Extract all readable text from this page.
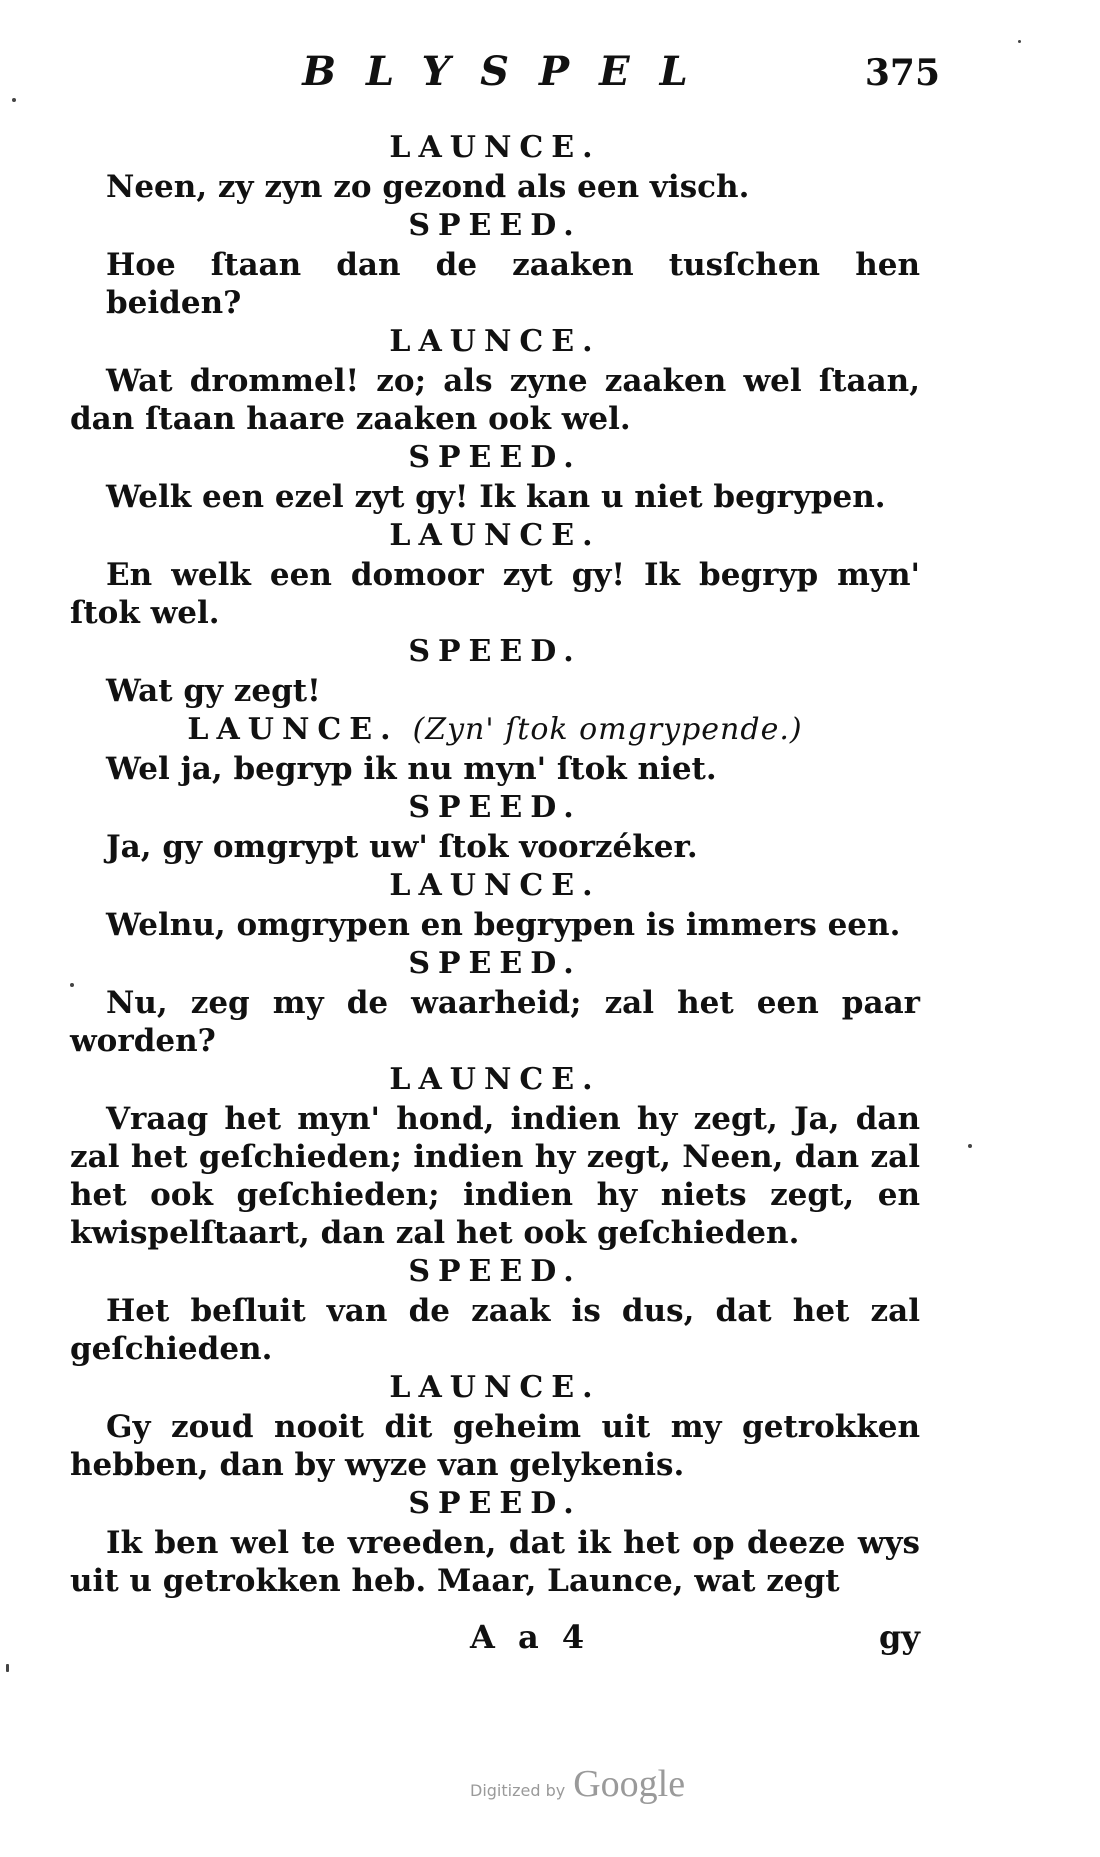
BLYSPEL	375
LAUNCE.

Neen, zy zyn zo gezond als een visch.

SPEED.

Hoe ſtaan dan de zaaken tusſchen hen beiden?

LAUNCE.

Wat drommel! zo; als zyne zaaken wel ſtaan, dan ſtaan haare zaaken ook wel.

SPEED.

Welk een ezel zyt gy! Ik kan u niet begrypen.

LAUNCE.

En welk een domoor zyt gy! Ik begryp myn' ſtok wel.

SPEED.

Wat gy zegt!

LAUNCE. (Zyn' ſtok omgrypende.)

Wel ja, begryp ik nu myn' ſtok niet.

SPEED.

Ja, gy omgrypt uw' ſtok voorzéker.

LAUNCE.

Welnu, omgrypen en begrypen is immers een.

SPEED.

Nu, zeg my de waarheid; zal het een paar worden?

LAUNCE.

Vraag het myn' hond, indien hy zegt, Ja, dan zal het geſchieden; indien hy zegt, Neen, dan zal het ook geſchieden; indien hy niets zegt, en kwispelſtaart, dan zal het ook geſchieden.

SPEED.

Het beſluit van de zaak is dus, dat het zal geſchieden.

LAUNCE.

Gy zoud nooit dit geheim uit my getrokken hebben, dan by wyze van gelykenis.

SPEED.

Ik ben wel te vreeden, dat ik het op deeze wys uit u getrokken heb. Maar, Launce, wat zegt

A a 4	gy
Digitized by Google
